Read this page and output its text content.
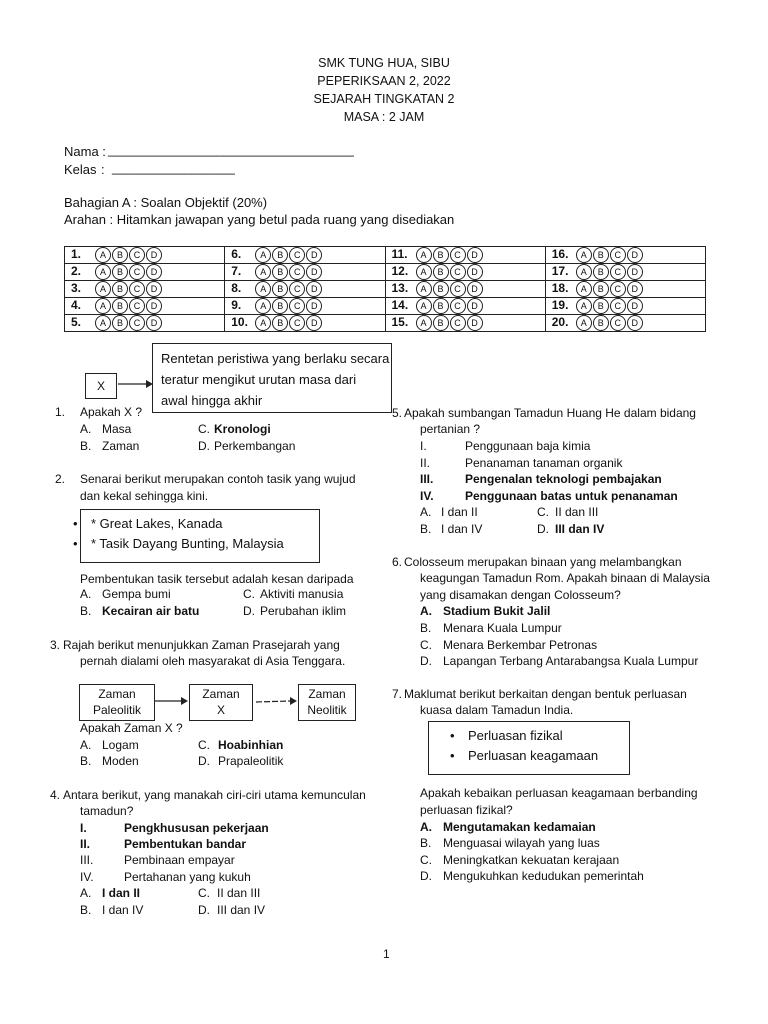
SMK TUNG HUA, SIBU
PEPERIKSAAN 2, 2022
SEJARAH TINGKATAN 2
MASA : 2 JAM
Nama : __________________________________
Kelas : _________________
Bahagian A : Soalan Objektif (20%)
Arahan : Hitamkan jawapan yang betul pada ruang yang disediakan
1. A B C D	6. A B C D	11. A B C D	16. A B C D
2. A B C D	7. A B C D	12. A B C D	17. A B C D
3. A B C D	8. A B C D	13. A B C D	18. A B C D
4. A B C D	9. A B C D	14. A B C D	19. A B C D
5. A B C D	10. A B C D	15. A B C D	20. A B C D
X
Rentetan peristiwa yang berlaku secara
teratur mengikut urutan masa dari
awal hingga akhir
1. Apakah X ?
A. Masa	C. Kronologi
B. Zaman	D. Perkembangan
2. Senarai berikut merupakan contoh tasik yang wujud
dan kekal sehingga kini.
• * Great Lakes, Kanada
• * Tasik Dayang Bunting, Malaysia
Pembentukan tasik tersebut adalah kesan daripada
A. Gempa bumi	C. Aktiviti manusia
B. Kecairan air batu	D. Perubahan iklim
3. Rajah berikut menunjukkan Zaman Prasejarah yang
pernah dialami oleh masyarakat di Asia Tenggara.
Zaman
Paleolitik
Zaman
X
Zaman
Neolitik
Apakah Zaman X ?
A. Logam	C. Hoabinhian
B. Moden	D. Prapaleolitik
4. Antara berikut, yang manakah ciri-ciri utama kemunculan
tamadun?
I.	Pengkhususan pekerjaan
II.	Pembentukan bandar
III.	Pembinaan empayar
IV.	Pertahanan yang kukuh
A. I dan II	C. II dan III
B. I dan IV	D. III dan IV
5. Apakah sumbangan Tamadun Huang He dalam bidang
pertanian ?
I.	Penggunaan baja kimia
II.	Penanaman tanaman organik
III.	Pengenalan teknologi pembajakan
IV.	Penggunaan batas untuk penanaman
A. I dan II	C. II dan III
B. I dan IV	D. III dan IV
6. Colosseum merupakan binaan yang melambangkan
keagungan Tamadun Rom. Apakah binaan di Malaysia
yang disamakan dengan Colosseum?
A. Stadium Bukit Jalil
B. Menara Kuala Lumpur
C. Menara Berkembar Petronas
D. Lapangan Terbang Antarabangsa Kuala Lumpur
7. Maklumat berikut berkaitan dengan bentuk perluasan
kuasa dalam Tamadun India.
• Perluasan fizikal
• Perluasan keagamaan
Apakah kebaikan perluasan keagamaan berbanding
perluasan fizikal?
A. Mengutamakan kedamaian
B. Menguasai wilayah yang luas
C. Meningkatkan kekuatan kerajaan
D. Mengukuhkan kedudukan pemerintah
1
